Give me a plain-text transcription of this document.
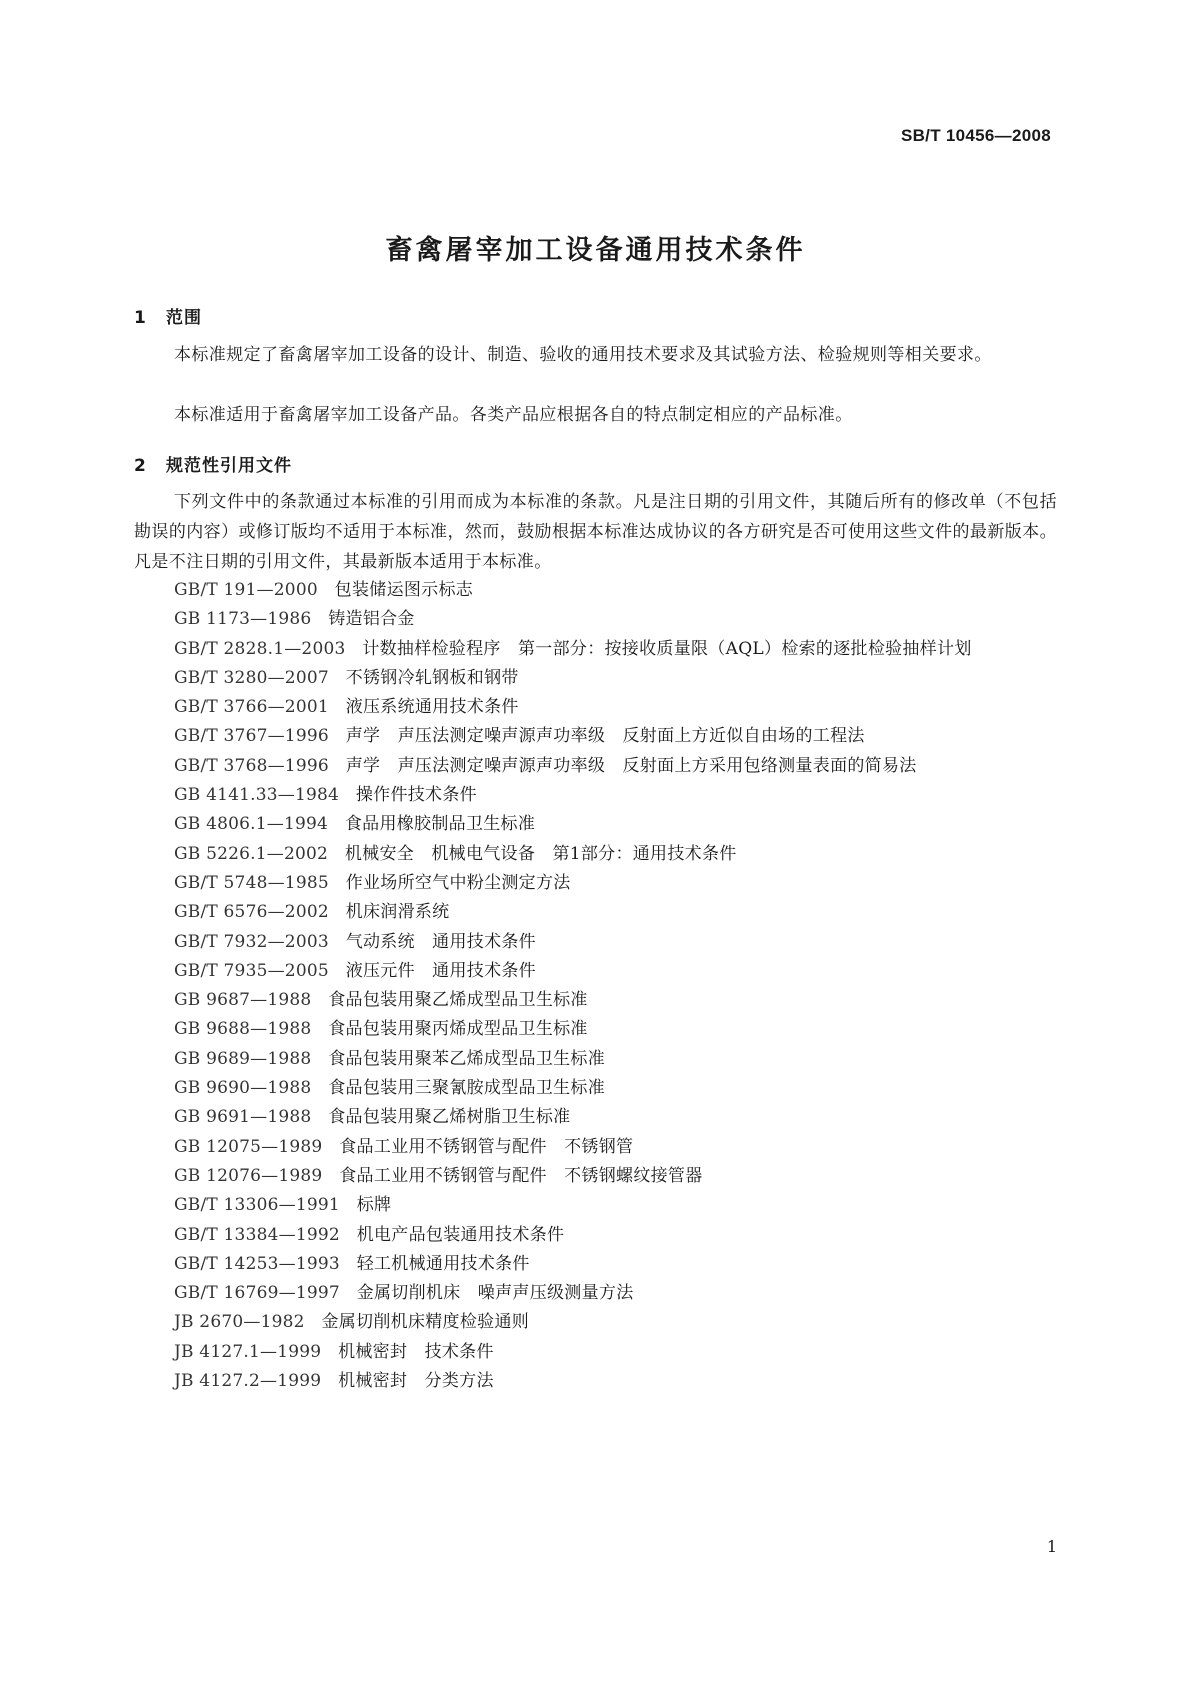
SB/T 10456—2008
畜禽屠宰加工设备通用技术条件
1 范围

本标准规定了畜禽屠宰加工设备的设计、制造、验收的通用技术要求及其试验方法、检验规则等相关要求。

本标准适用于畜禽屠宰加工设备产品。各类产品应根据各自的特点制定相应的产品标准。

2 规范性引用文件

下列文件中的条款通过本标准的引用而成为本标准的条款。凡是注日期的引用文件，其随后所有的修改单（不包括勘误的内容）或修订版均不适用于本标准，然而，鼓励根据本标准达成协议的各方研究是否可使用这些文件的最新版本。凡是不注日期的引用文件，其最新版本适用于本标准。

GB/T 191—2000 包装储运图示标志
GB 1173—1986 铸造铝合金
GB/T 2828.1—2003 计数抽样检验程序　第一部分：按接收质量限（AQL）检索的逐批检验抽样计划
GB/T 3280—2007 不锈钢冷轧钢板和钢带
GB/T 3766—2001 液压系统通用技术条件
GB/T 3767—1996 声学　声压法测定噪声源声功率级　反射面上方近似自由场的工程法
GB/T 3768—1996 声学　声压法测定噪声源声功率级　反射面上方采用包络测量表面的简易法
GB 4141.33—1984 操作件技术条件
GB 4806.1—1994 食品用橡胶制品卫生标准
GB 5226.1—2002 机械安全　机械电气设备　第1部分：通用技术条件
GB/T 5748—1985 作业场所空气中粉尘测定方法
GB/T 6576—2002 机床润滑系统
GB/T 7932—2003 气动系统　通用技术条件
GB/T 7935—2005 液压元件　通用技术条件
GB 9687—1988 食品包装用聚乙烯成型品卫生标准
GB 9688—1988 食品包装用聚丙烯成型品卫生标准
GB 9689—1988 食品包装用聚苯乙烯成型品卫生标准
GB 9690—1988 食品包装用三聚氰胺成型品卫生标准
GB 9691—1988 食品包装用聚乙烯树脂卫生标准
GB 12075—1989 食品工业用不锈钢管与配件　不锈钢管
GB 12076—1989 食品工业用不锈钢管与配件　不锈钢螺纹接管器
GB/T 13306—1991 标牌
GB/T 13384—1992 机电产品包装通用技术条件
GB/T 14253—1993 轻工机械通用技术条件
GB/T 16769—1997 金属切削机床　噪声声压级测量方法
JB 2670—1982 金属切削机床精度检验通则
JB 4127.1—1999 机械密封　技术条件
JB 4127.2—1999 机械密封　分类方法
1
